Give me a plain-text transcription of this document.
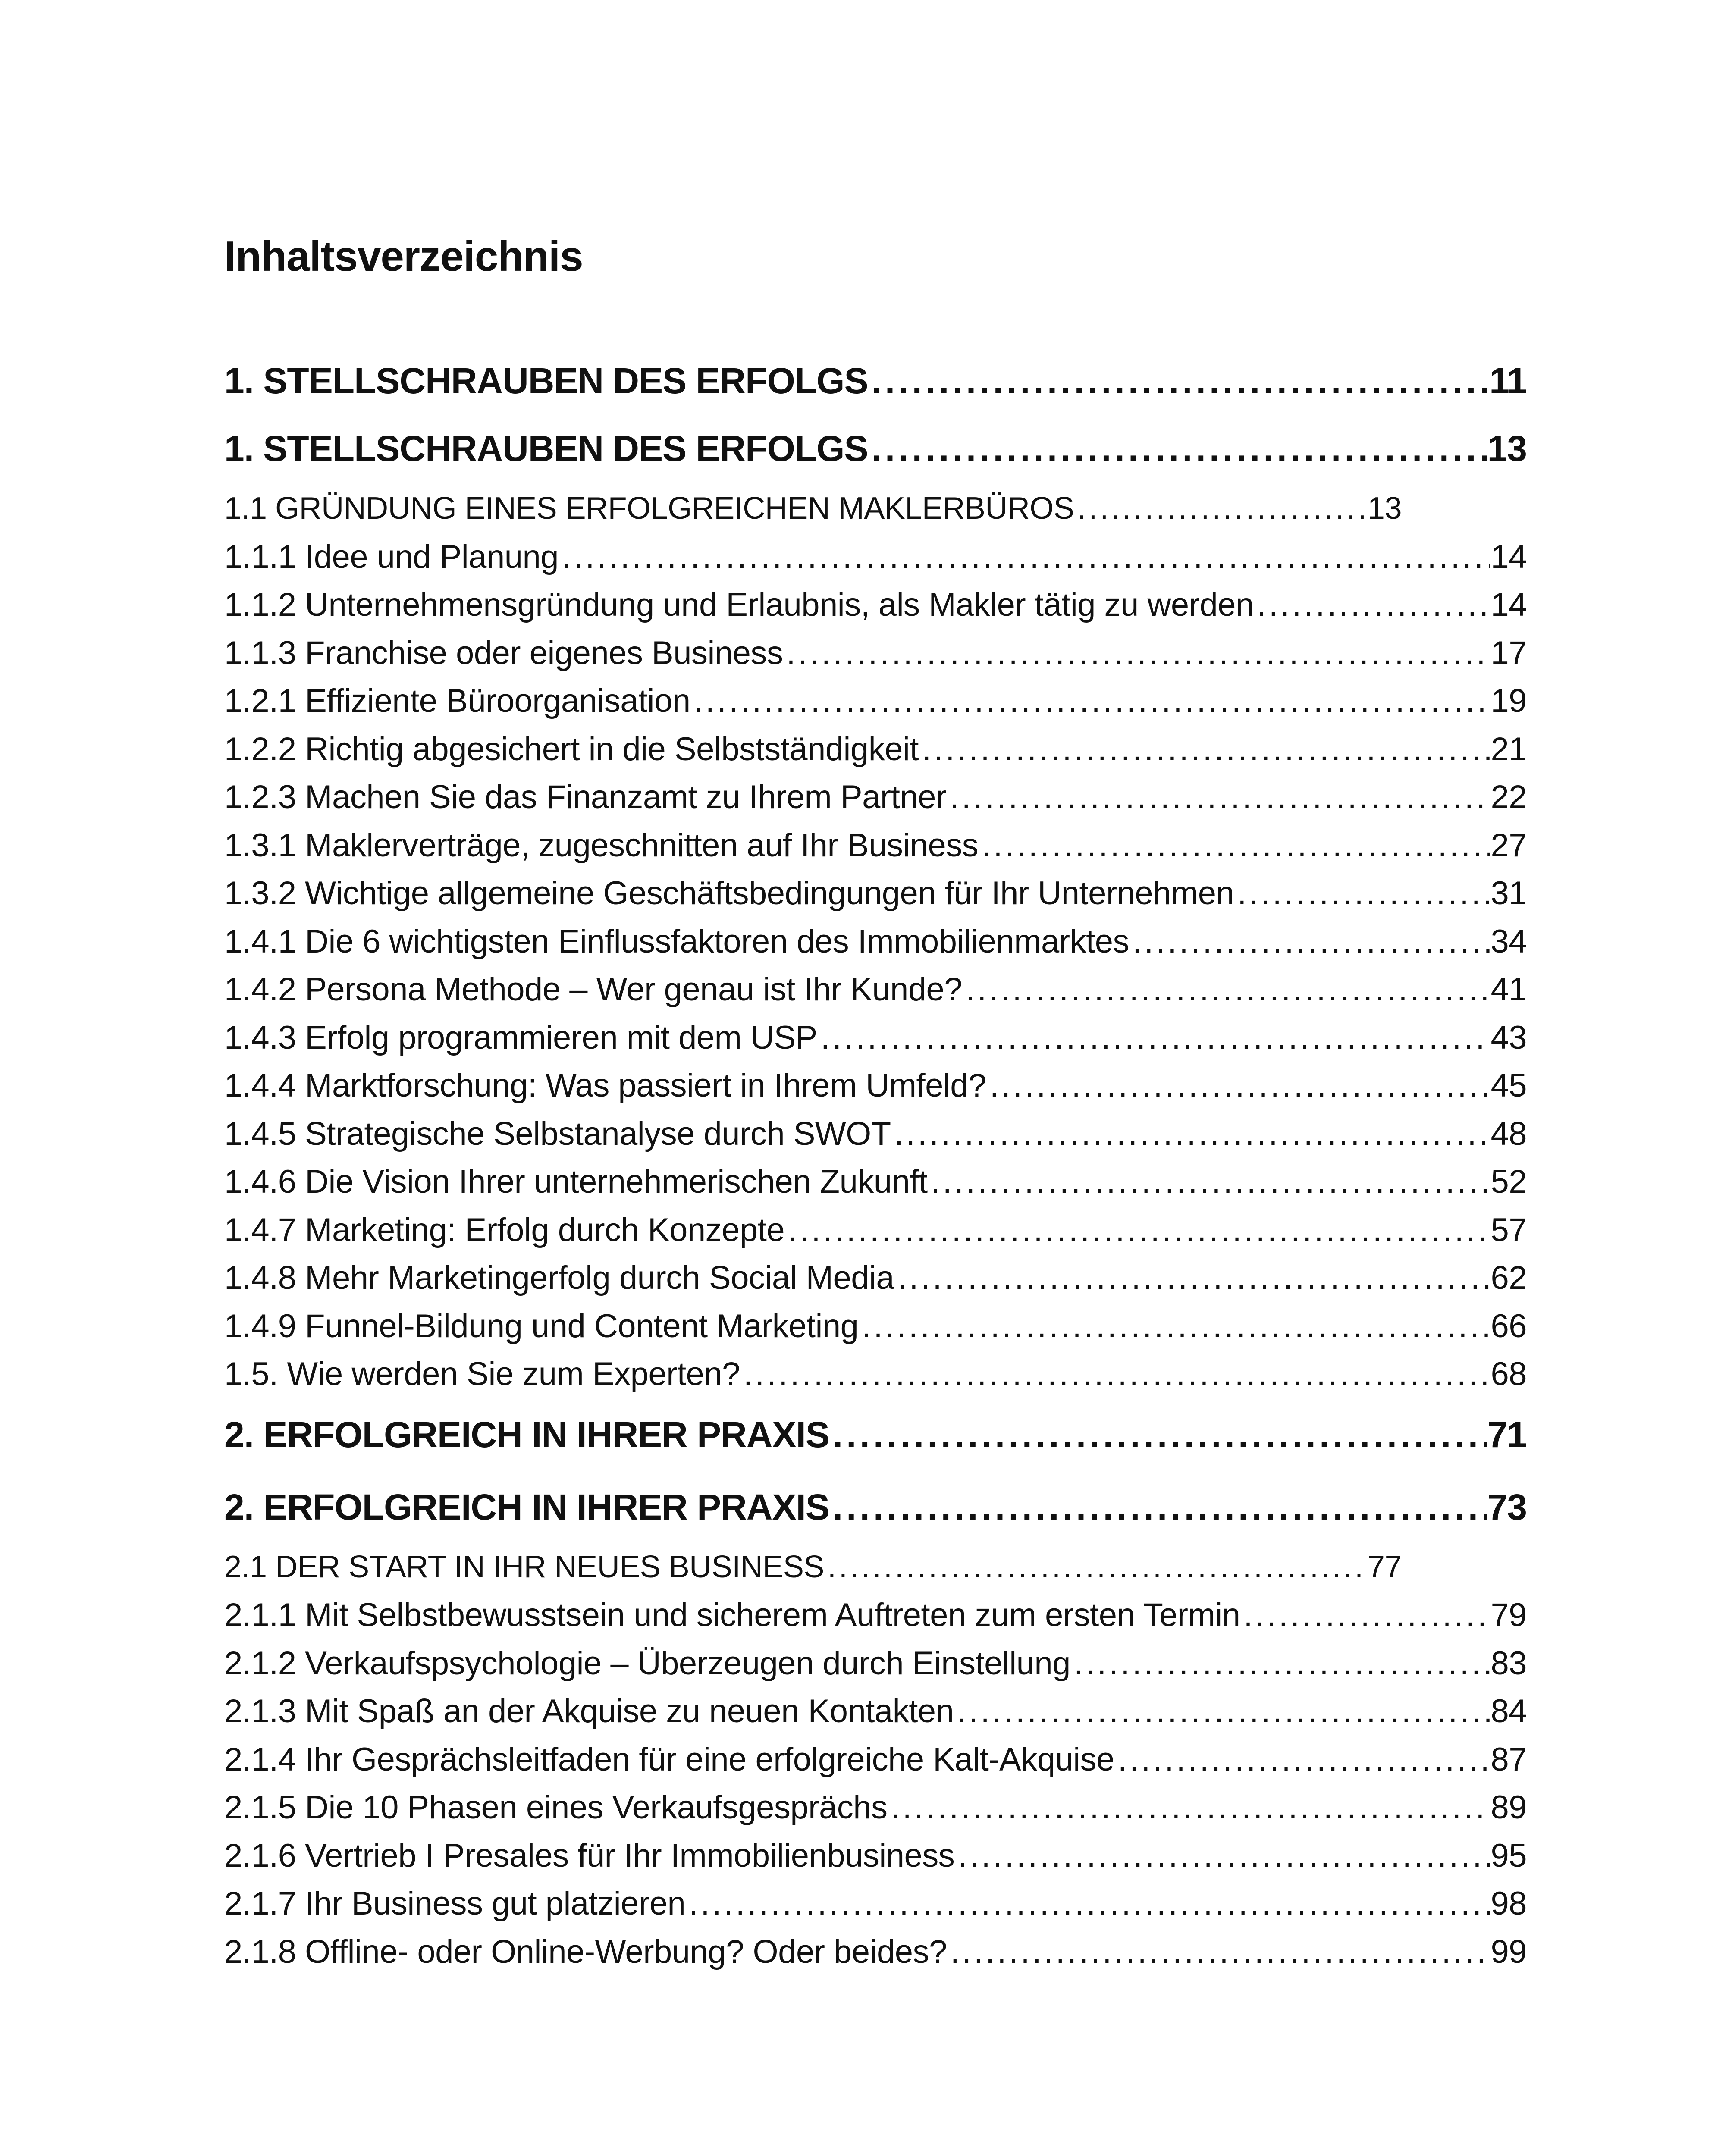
Inhaltsverzeichnis
1. STELLSCHRAUBEN DES ERFOLGS .....	11
1. STELLSCHRAUBEN DES ERFOLGS .....	13
1.1 GRÜNDUNG EINES ERFOLGREICHEN MAKLERBÜROS .....	13
1.1.1 Idee und Planung .....	14
1.1.2 Unternehmensgründung und Erlaubnis, als Makler tätig zu werden .....	14
1.1.3 Franchise oder eigenes Business .....	17
1.2.1 Effiziente Büroorganisation .....	19
1.2.2 Richtig abgesichert in die Selbstständigkeit .....	21
1.2.3 Machen Sie das Finanzamt zu Ihrem Partner .....	22
1.3.1 Maklerverträge, zugeschnitten auf Ihr Business .....	27
1.3.2 Wichtige allgemeine Geschäftsbedingungen für Ihr Unternehmen .....	31
1.4.1 Die 6 wichtigsten Einflussfaktoren des Immobilienmarktes .....	34
1.4.2 Persona Methode – Wer genau ist Ihr Kunde? .....	41
1.4.3 Erfolg programmieren mit dem USP .....	43
1.4.4 Marktforschung: Was passiert in Ihrem Umfeld? .....	45
1.4.5 Strategische Selbstanalyse durch SWOT .....	48
1.4.6 Die Vision Ihrer unternehmerischen Zukunft .....	52
1.4.7 Marketing: Erfolg durch Konzepte .....	57
1.4.8 Mehr Marketingerfolg durch Social Media .....	62
1.4.9 Funnel-Bildung und Content Marketing .....	66
1.5. Wie werden Sie zum Experten? .....	68
2. ERFOLGREICH IN IHRER PRAXIS .....	71
2. ERFOLGREICH IN IHRER PRAXIS .....	73
2.1 DER START IN IHR NEUES BUSINESS .....	77
2.1.1 Mit Selbstbewusstsein und sicherem Auftreten zum ersten Termin .....	79
2.1.2 Verkaufspsychologie – Überzeugen durch Einstellung .....	83
2.1.3 Mit Spaß an der Akquise zu neuen Kontakten .....	84
2.1.4 Ihr Gesprächsleitfaden für eine erfolgreiche Kalt-Akquise .....	87
2.1.5 Die 10 Phasen eines Verkaufsgesprächs .....	89
2.1.6 Vertrieb I Presales für Ihr Immobilienbusiness .....	95
2.1.7 Ihr Business gut platzieren .....	98
2.1.8 Offline- oder Online-Werbung? Oder beides? .....	99
